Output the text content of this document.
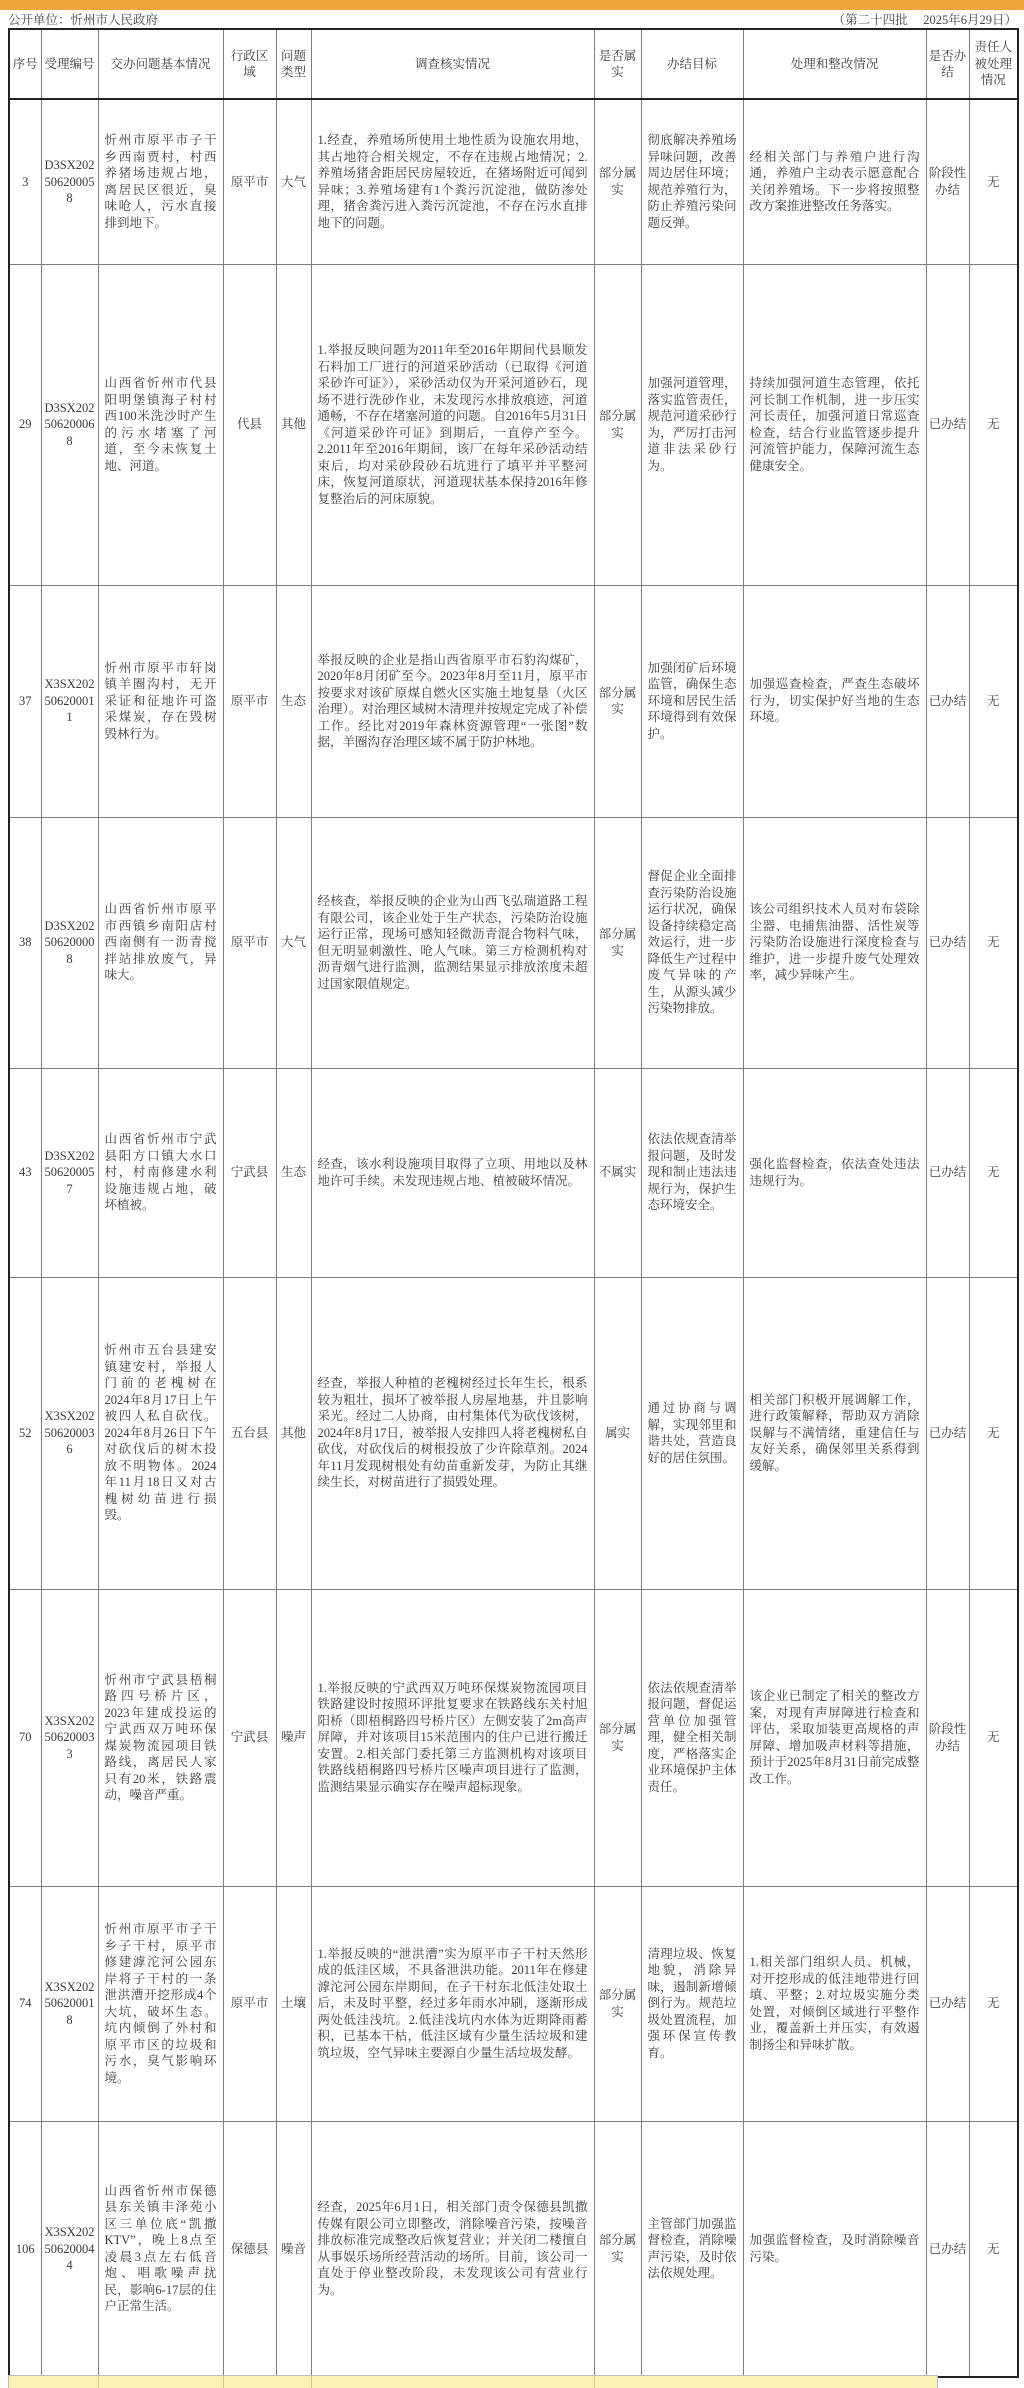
公开单位：忻州市人民政府	（第二十四批　 2025年6月29日）
序号	受理编号	交办问题基本情况	行政区域	问题类型	调查核实情况	是否属实	办结目标	处理和整改情况	是否办结	责任人被处理情况
3	D3SX202506200058	忻州市原平市子干乡西南贾村，村西养猪场违规占地，离居民区很近，臭味呛人，污水直接排到地下。	原平市	大气	1.经查，养殖场所使用土地性质为设施农用地，其占地符合相关规定，不存在违规占地情况；2.养殖场猪舍距居民房屋较近，在猪场附近可闻到异味；3.养殖场建有1个粪污沉淀池，做防渗处理，猪舍粪污进入粪污沉淀池，不存在污水直排地下的问题。	部分属实	彻底解决养殖场异味问题，改善周边居住环境；规范养殖行为，防止养殖污染问题反弹。	经相关部门与养殖户进行沟通，养殖户主动表示愿意配合关闭养殖场。下一步将按照整改方案推进整改任务落实。	阶段性办结	无
29	D3SX202506200068	山西省忻州市代县阳明堡镇海子村村西100米洗沙时产生的污水堵塞了河道，至今未恢复土地、河道。	代县	其他	1.举报反映问题为2011年至2016年期间代县顺发石料加工厂进行的河道采砂活动（已取得《河道采砂许可证》），采砂活动仅为开采河道砂石，现场不进行洗砂作业，未发现污水排放痕迹，河道通畅，不存在堵塞河道的问题。自2016年5月31日《河道采砂许可证》到期后，一直停产至今。2.2011年至2016年期间，该厂在每年采砂活动结束后，均对采砂段砂石坑进行了填平并平整河床，恢复河道原状，河道现状基本保持2016年修复整治后的河床原貌。	部分属实	加强河道管理，落实监管责任，规范河道采砂行为，严厉打击河道非法采砂行为。	持续加强河道生态管理，依托河长制工作机制，进一步压实河长责任，加强河道日常巡查检查，结合行业监管逐步提升河流管护能力，保障河流生态健康安全。	已办结	无
37	X3SX202506200011	忻州市原平市轩岗镇羊圈沟村，无开采证和征地许可盗采煤炭，存在毁树毁林行为。	原平市	生态	举报反映的企业是指山西省原平市石豹沟煤矿，2020年8月闭矿至今。2023年8月至11月，原平市按要求对该矿原煤自燃火区实施土地复垦（火区治理）。对治理区域树木清理并按规定完成了补偿工作。经比对2019年森林资源管理“一张图”数据，羊圈沟存治理区域不属于防护林地。	部分属实	加强闭矿后环境监管，确保生态环境和居民生活环境得到有效保护。	加强巡查检查，严查生态破坏行为，切实保护好当地的生态环境。	已办结	无
38	D3SX202506200008	山西省忻州市原平市西镇乡南阳店村西南侧有一沥青搅拌站排放废气，异味大。	原平市	大气	经核查，举报反映的企业为山西飞弘瑞道路工程有限公司，该企业处于生产状态，污染防治设施运行正常，现场可感知轻微沥青混合物料气味，但无明显刺激性、呛人气味。第三方检测机构对沥青烟气进行监测，监测结果显示排放浓度未超过国家限值规定。	部分属实	督促企业全面排查污染防治设施运行状况，确保设备持续稳定高效运行，进一步降低生产过程中废气异味的产生，从源头减少污染物排放。	该公司组织技术人员对布袋除尘器、电捕焦油器、活性炭等污染防治设施进行深度检查与维护，进一步提升废气处理效率，减少异味产生。	已办结	无
43	D3SX202506200057	山西省忻州市宁武县阳方口镇大水口村，村南修建水利设施违规占地，破坏植被。	宁武县	生态	经查，该水利设施项目取得了立项、用地以及林地许可手续。未发现违规占地、植被破坏情况。	不属实	依法依规查清举报问题，及时发现和制止违法违规行为，保护生态环境安全。	强化监督检查，依法查处违法违规行为。	已办结	无
52	X3SX202506200036	忻州市五台县建安镇建安村，举报人门前的老槐树在2024年8月17日上午被四人私自砍伐。2024年8月26日下午对砍伐后的树木投放不明物体。2024年11月18日又对古槐树幼苗进行损毁。	五台县	其他	经查，举报人种植的老槐树经过长年生长，根系较为粗壮，损坏了被举报人房屋地基，并且影响采光。经过二人协商，由村集体代为砍伐该树，2024年8月17日，被举报人安排四人将老槐树私自砍伐，对砍伐后的树根投放了少许除草剂。2024年11月发现树根处有幼苗重新发芽，为防止其继续生长，对树苗进行了损毁处理。	属实	通过协商与调解，实现邻里和谐共处，营造良好的居住氛围。	相关部门积极开展调解工作，进行政策解释，帮助双方消除误解与不满情绪，重建信任与友好关系，确保邻里关系得到缓解。	已办结	无
70	X3SX202506200033	忻州市宁武县梧桐路四号桥片区，2023年建成投运的宁武西双万吨环保煤炭物流园项目铁路线，离居民人家只有20米，铁路震动，噪音严重。	宁武县	噪声	1.举报反映的宁武西双万吨环保煤炭物流园项目铁路建设时按照环评批复要求在铁路线东关村旭阳桥（即梧桐路四号桥片区）左侧安装了2m高声屏障，并对该项目15米范围内的住户已进行搬迁安置。2.相关部门委托第三方监测机构对该项目铁路线梧桐路四号桥片区噪声项目进行了监测，监测结果显示确实存在噪声超标现象。	部分属实	依法依规查清举报问题，督促运营单位加强管理，健全相关制度，严格落实企业环境保护主体责任。	该企业已制定了相关的整改方案，对现有声屏障进行检查和评估，采取加装更高规格的声屏障、增加吸声材料等措施，预计于2025年8月31日前完成整改工作。	阶段性办结	无
74	X3SX202506200018	忻州市原平市子干乡子干村，原平市修建滹沱河公园东岸将子干村的一条泄洪漕开挖形成4个大坑，破坏生态。坑内倾倒了外村和原平市区的垃圾和污水，臭气影响环境。	原平市	土壤	1.举报反映的“泄洪漕”实为原平市子干村天然形成的低洼区域，不具备泄洪功能。2011年在修建滹沱河公园东岸期间，在子干村东北低洼处取土后，未及时平整，经过多年雨水冲刷，逐渐形成两处低洼浅坑。2.低洼浅坑内水体为近期降雨蓄积，已基本干枯，低洼区域有少量生活垃圾和建筑垃圾，空气异味主要源自少量生活垃圾发酵。	部分属实	清理垃圾、恢复地貌，消除异味，遏制新增倾倒行为。规范垃圾处置流程，加强环保宣传教育。	1.相关部门组织人员、机械，对开挖形成的低洼地带进行回填、平整；2.对垃圾实施分类处置，对倾倒区域进行平整作业，覆盖新土并压实，有效遏制扬尘和异味扩散。	已办结	无
106	X3SX202506200044	山西省忻州市保德县东关镇丰泽苑小区三单位底“凯撒KTV”，晚上8点至凌晨3点左右低音炮、唱歌噪声扰民，影响6-17层的住户正常生活。	保德县	噪音	经查，2025年6月1日，相关部门责令保德县凯撒传媒有限公司立即整改，消除噪音污染，按噪音排放标准完成整改后恢复营业；并关闭二楼擅自从事娱乐场所经营活动的场所。目前，该公司一直处于停业整改阶段，未发现该公司有营业行为。	部分属实	主管部门加强监督检查，消除噪声污染，及时依法依规处理。	加强监督检查，及时消除噪音污染。	已办结	无
